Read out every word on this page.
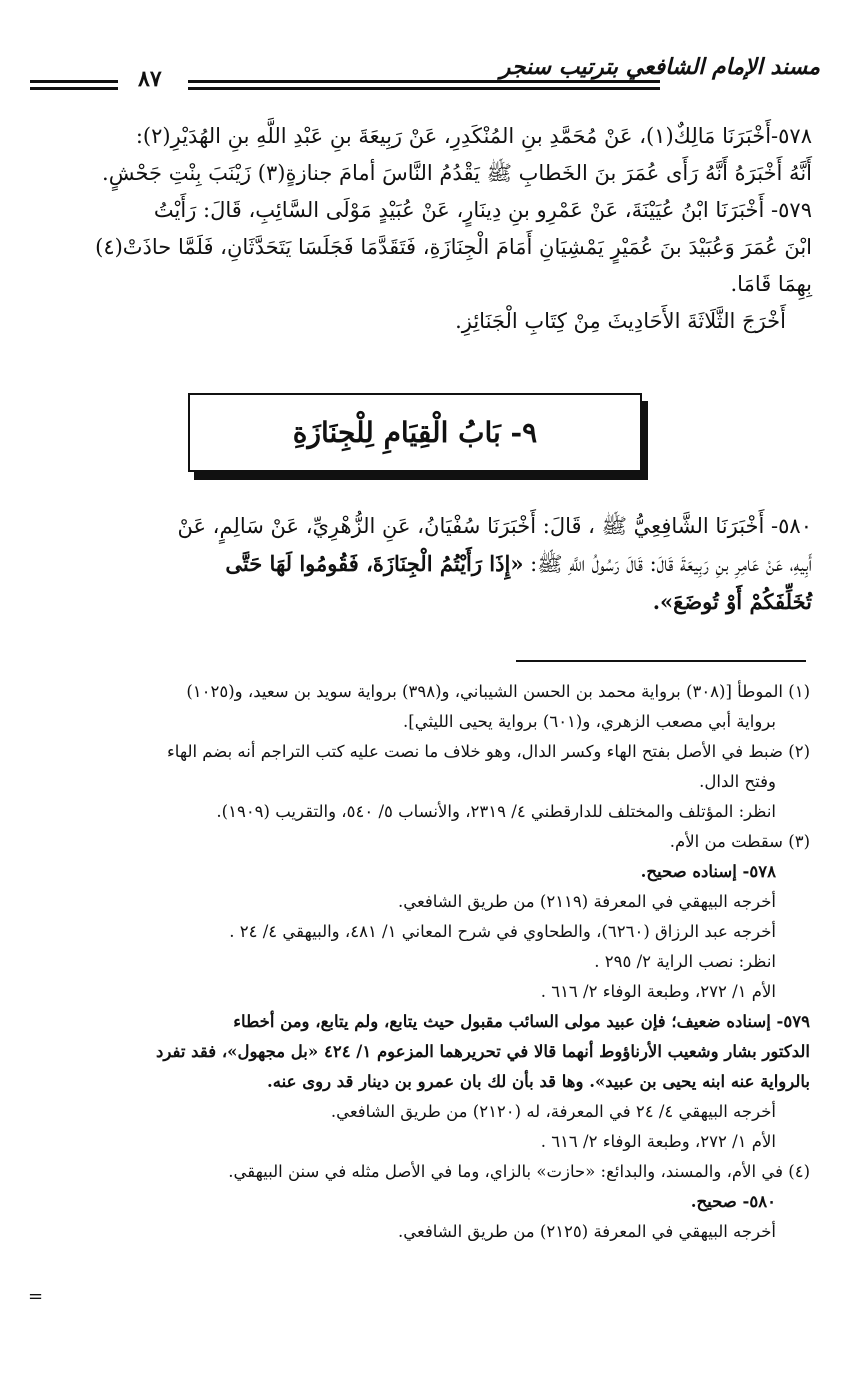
مسند الإمام الشافعي بترتيب سنجر
٨٧

٥٧٨-أَخْبَرَنَا مَالِكٌ(١)، عَنْ مُحَمَّدِ بنِ المُنْكَدِرِ، عَنْ رَبِيعَةَ بنِ عَبْدِ اللَّهِ بنِ الهُدَيْرِ(٢):

أَنَّهُ أَخْبَرَهُ أَنَّهُ رَأَى عُمَرَ بنَ الخَطابِ ﷺ يَقْدُمُ النَّاسَ أمامَ جنازةٍ(٣) زَيْنَبَ بِنْتِ جَحْشٍ.

٥٧٩- أَخْبَرَنَا ابْنُ عُيَيْنَةَ، عَنْ عَمْرِو بنِ دِينَارٍ، عَنْ عُبَيْدٍ مَوْلَى السَّائِبِ، قَالَ: رَأَيْتُ

ابْنَ عُمَرَ وَعُبَيْدَ بنَ عُمَيْرٍ يَمْشِيَانِ أَمَامَ الْجِنَازَةِ، فَتَقَدَّمَا فَجَلَسَا يَتَحَدَّثَانِ، فَلَمَّا حاذَتْ(٤)

بِهِمَا قَامَا.

أَخْرَجَ الثَّلَاثَةَ الأَحَادِيثَ مِنْ كِتَابِ الْجَنَائِزِ.

٩- بَابُ الْقِيَامِ لِلْجِنَازَةِ

٥٨٠- أَخْبَرَنَا الشَّافِعِيُّ ﷺ ، قَالَ: أَخْبَرَنَا سُفْيَانُ، عَنِ الزُّهْرِيِّ، عَنْ سَالِمٍ، عَنْ

أَبِيهِ، عَنْ عَامِرِ بنِ رَبِيعَةَ قَالَ: قَالَ رَسُولُ اللَّهِ ﷺ: «إِذَا رَأَيْتُمُ الْجِنَازَةَ، فَقُومُوا لَهَا حَتَّى

تُخَلِّفَكُمْ أَوْ تُوضَعَ».

(١) الموطأ [(٣٠٨) برواية محمد بن الحسن الشيباني، و(٣٩٨) برواية سويد بن سعيد، و(١٠٢٥)

برواية أبي مصعب الزهري، و(٦٠١) برواية يحيى الليثي].

(٢) ضبط في الأصل بفتح الهاء وكسر الدال، وهو خلاف ما نصت عليه كتب التراجم أنه بضم الهاء

وفتح الدال.

انظر: المؤتلف والمختلف للدارقطني ٤/ ٢٣١٩، والأنساب ٥/ ٥٤٠، والتقريب (١٩٠٩).

(٣) سقطت من الأم.

٥٧٨- إسناده صحيح.

أخرجه البيهقي في المعرفة (٢١١٩) من طريق الشافعي.

أخرجه عبد الرزاق (٦٢٦٠)، والطحاوي في شرح المعاني ١/ ٤٨١، والبيهقي ٤/ ٢٤ .

انظر: نصب الراية ٢/ ٢٩٥ .

الأم ١/ ٢٧٢، وطبعة الوفاء ٢/ ٦١٦ .

٥٧٩- إسناده ضعيف؛ فإن عبيد مولى السائب مقبول حيث يتابع، ولم يتابع، ومن أخطاء

الدكتور بشار وشعيب الأرناؤوط أنهما قالا في تحريرهما المزعوم ١/ ٤٢٤ «بل مجهول»، فقد تفرد

بالرواية عنه ابنه يحيى بن عبيد». وها قد بأن لك بان عمرو بن دينار قد روى عنه.

أخرجه البيهقي ٤/ ٢٤ في المعرفة، له (٢١٢٠) من طريق الشافعي.

الأم ١/ ٢٧٢، وطبعة الوفاء ٢/ ٦١٦ .

(٤) في الأم، والمسند، والبدائع: «حازت» بالزاي، وما في الأصل مثله في سنن البيهقي.

٥٨٠- صحيح.

أخرجه البيهقي في المعرفة (٢١٢٥) من طريق الشافعي.

=
